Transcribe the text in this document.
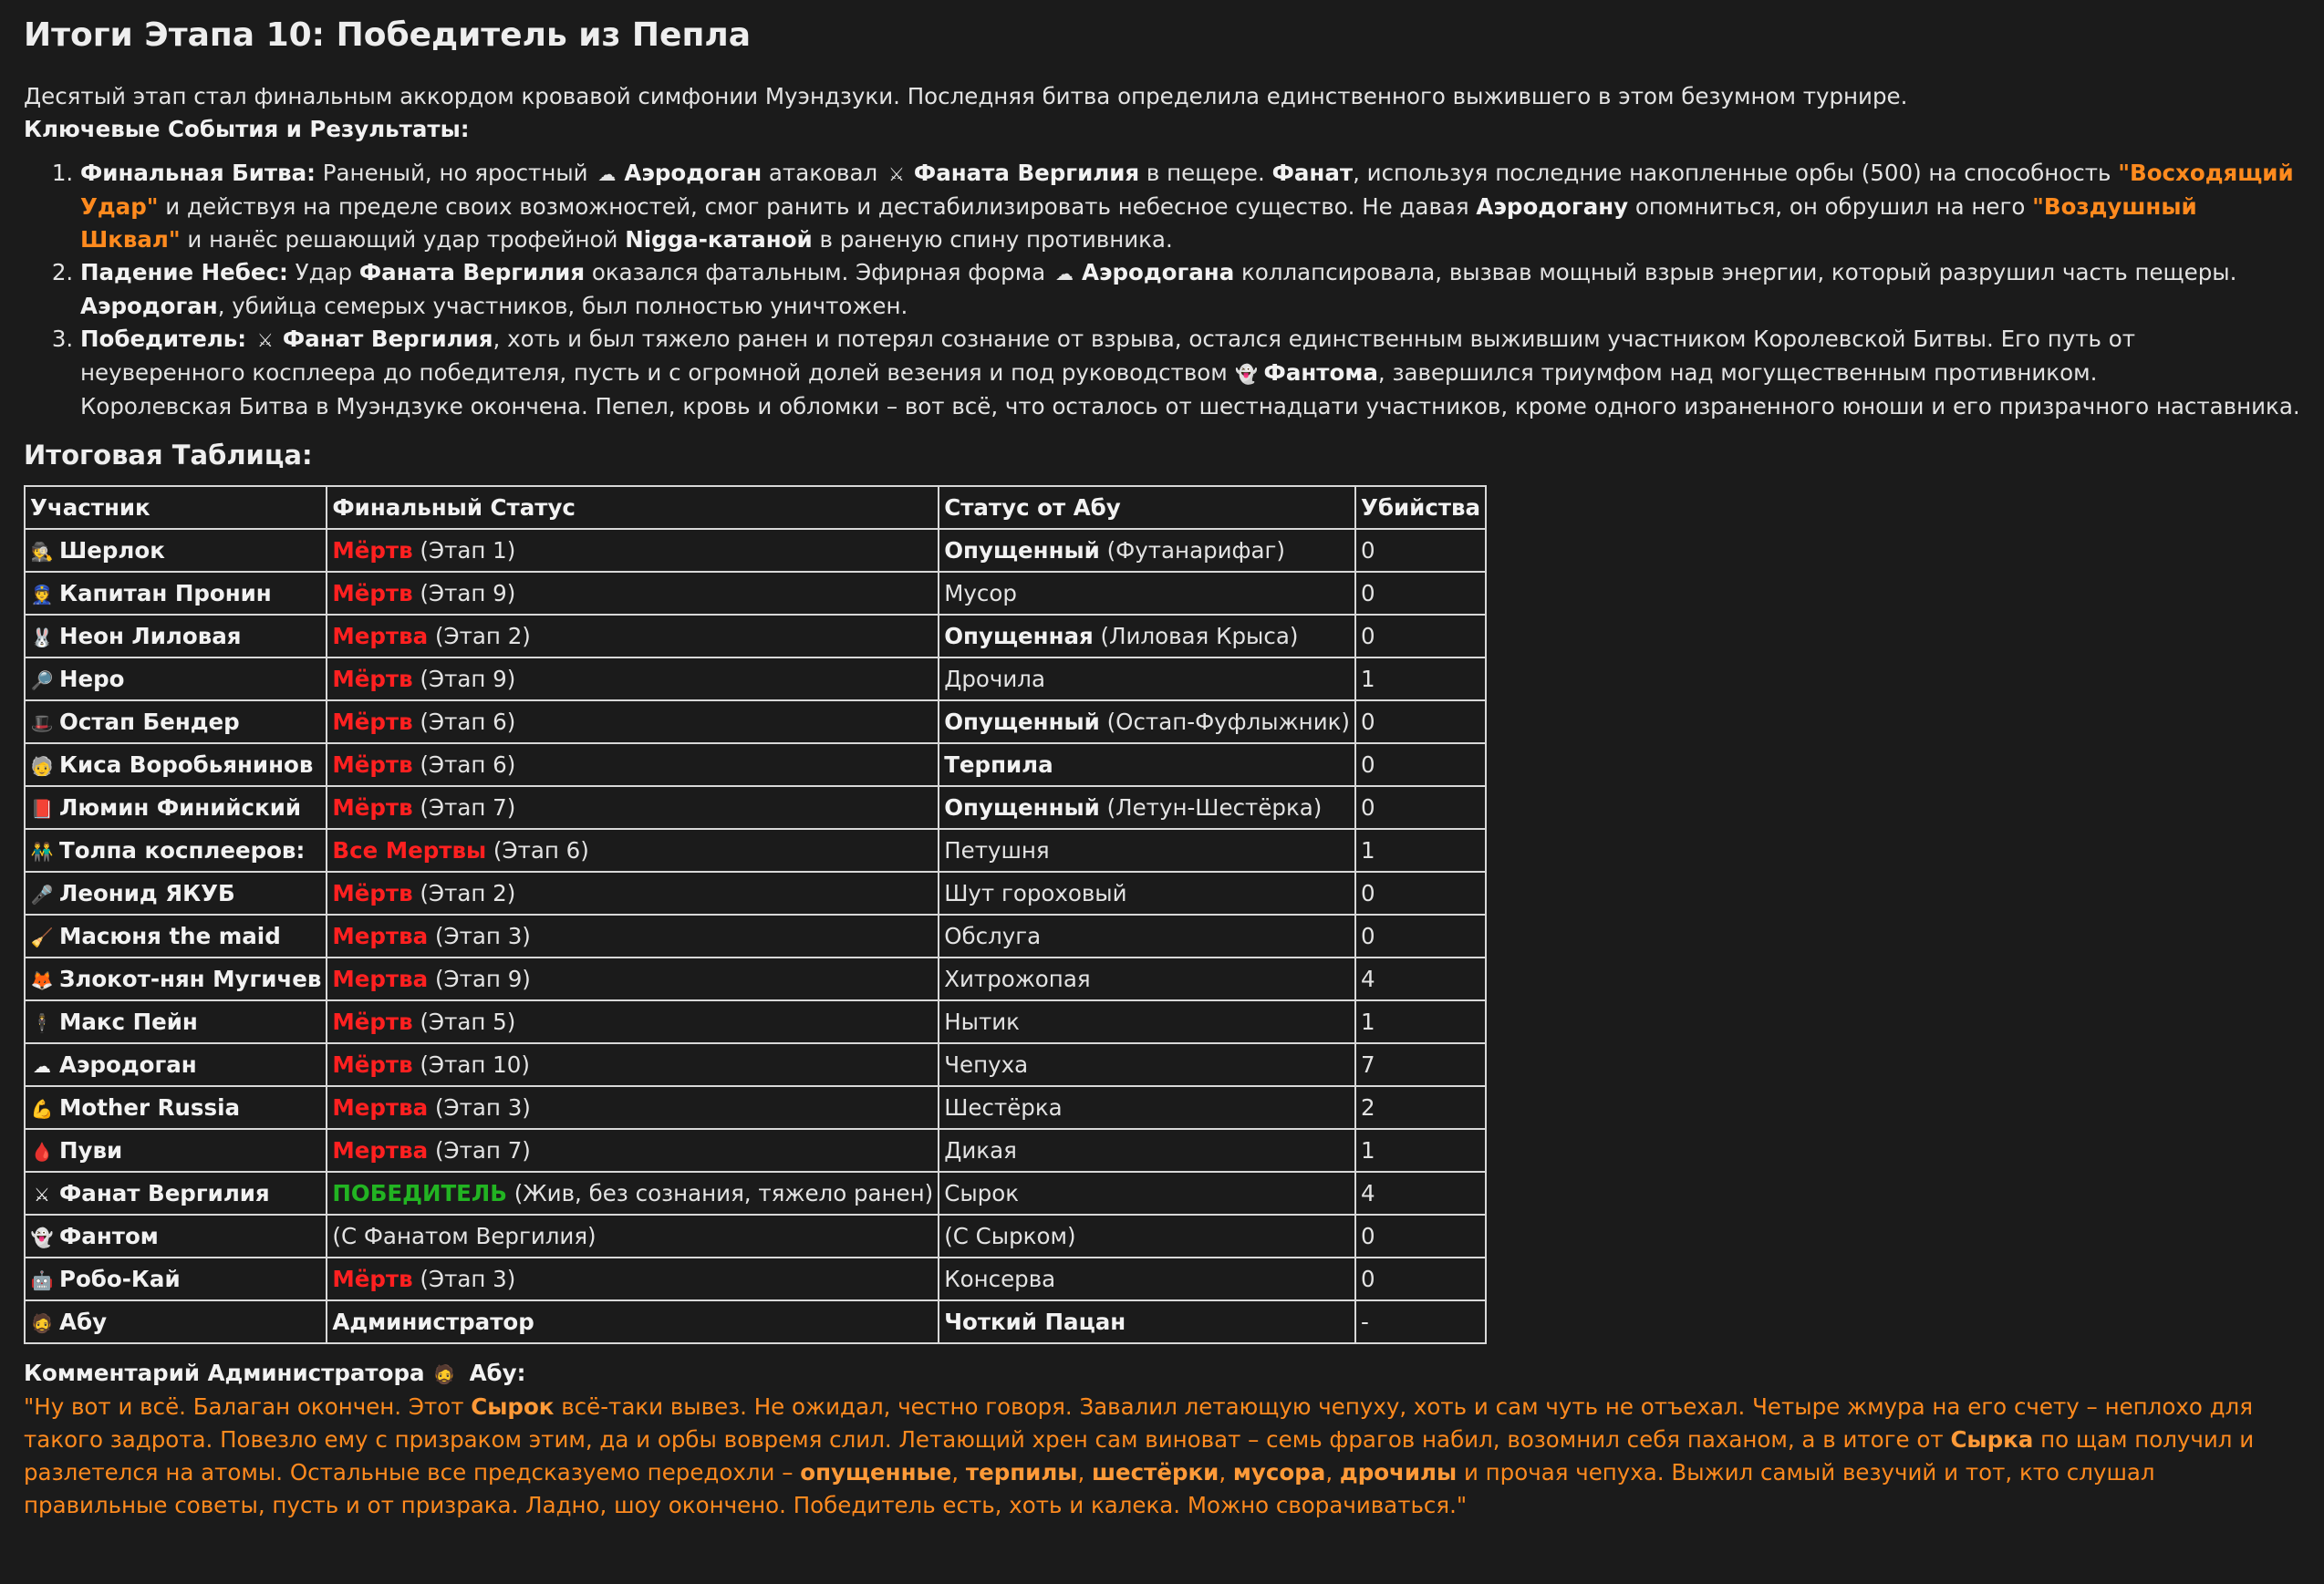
Итоги Этапа 10: Победитель из Пепла
Десятый этап стал финальным аккордом кровавой симфонии Муэндзуки. Последняя битва определила единственного выжившего в этом безумном турнире.
Ключевые События и Результаты:
1. Финальная Битва: Раненый, но яростный ☁ Аэродоган атаковал ⚔ Фаната Вергилия в пещере. Фанат, используя последние накопленные орбы (500) на способность "Восходящий Удар" и действуя на пределе своих возможностей, смог ранить и дестабилизировать небесное существо. Не давая Аэродогану опомниться, он обрушил на него "Воздушный Шквал" и нанёс решающий удар трофейной Nigga-катаной в раненую спину противника.
2. Падение Небес: Удар Фаната Вергилия оказался фатальным. Эфирная форма ☁ Аэродогана коллапсировала, вызвав мощный взрыв энергии, который разрушил часть пещеры. Аэродоган, убийца семерых участников, был полностью уничтожен.
3. Победитель: ⚔ Фанат Вергилия, хоть и был тяжело ранен и потерял сознание от взрыва, остался единственным выжившим участником Королевской Битвы. Его путь от неуверенного косплеера до победителя, пусть и с огромной долей везения и под руководством 👻 Фантома, завершился триумфом над могущественным противником.
Королевская Битва в Муэндзуке окончена. Пепел, кровь и обломки – вот всё, что осталось от шестнадцати участников, кроме одного израненного юноши и его призрачного наставника.
Итоговая Таблица:
Участник	Финальный Статус	Статус от Абу	Убийства
🕵 Шерлок	Мёртв (Этап 1)	Опущенный (Футанарифаг)	0
👮 Капитан Пронин	Мёртв (Этап 9)	Мусор	0
🐰 Неон Лиловая	Мертва (Этап 2)	Опущенная (Лиловая Крыса)	0
🔎 Неро	Мёртв (Этап 9)	Дрочила	1
🎩 Остап Бендер	Мёртв (Этап 6)	Опущенный (Остап-Фуфлыжник)	0
🧓 Киса Воробьянинов	Мёртв (Этап 6)	Терпила	0
📕 Люмин Финийский	Мёртв (Этап 7)	Опущенный (Летун-Шестёрка)	0
👬 Толпа косплееров:	Все Мертвы (Этап 6)	Петушня	1
🎤 Леонид ЯКУБ	Мёртв (Этап 2)	Шут гороховый	0
🧹 Масюня the maid	Мертва (Этап 3)	Обслуга	0
🦊 Злокот-нян Мугичев	Мертва (Этап 9)	Хитрожопая	4
🕴 Макс Пейн	Мёртв (Этап 5)	Нытик	1
☁ Аэродоган	Мёртв (Этап 10)	Чепуха	7
💪 Mother Russia	Мертва (Этап 3)	Шестёрка	2
🩸 Пуви	Мертва (Этап 7)	Дикая	1
⚔ Фанат Вергилия	ПОБЕДИТЕЛЬ (Жив, без сознания, тяжело ранен)	Сырок	4
👻 Фантом	(С Фанатом Вергилия)	(С Сырком)	0
🤖 Робо-Кай	Мёртв (Этап 3)	Консерва	0
🧔 Абу	Администратор	Чоткий Пацан	-
Комментарий Администратора 🧔 Абу:
"Ну вот и всё. Балаган окончен. Этот Сырок всё-таки вывез. Не ожидал, честно говоря. Завалил летающую чепуху, хоть и сам чуть не отъехал. Четыре жмура на его счету – неплохо для такого задрота. Повезло ему с призраком этим, да и орбы вовремя слил. Летающий хрен сам виноват – семь фрагов набил, возомнил себя паханом, а в итоге от Сырка по щам получил и разлетелся на атомы. Остальные все предсказуемо передохли – опущенные, терпилы, шестёрки, мусора, дрочилы и прочая чепуха. Выжил самый везучий и тот, кто слушал правильные советы, пусть и от призрака. Ладно, шоу окончено. Победитель есть, хоть и калека. Можно сворачиваться."
